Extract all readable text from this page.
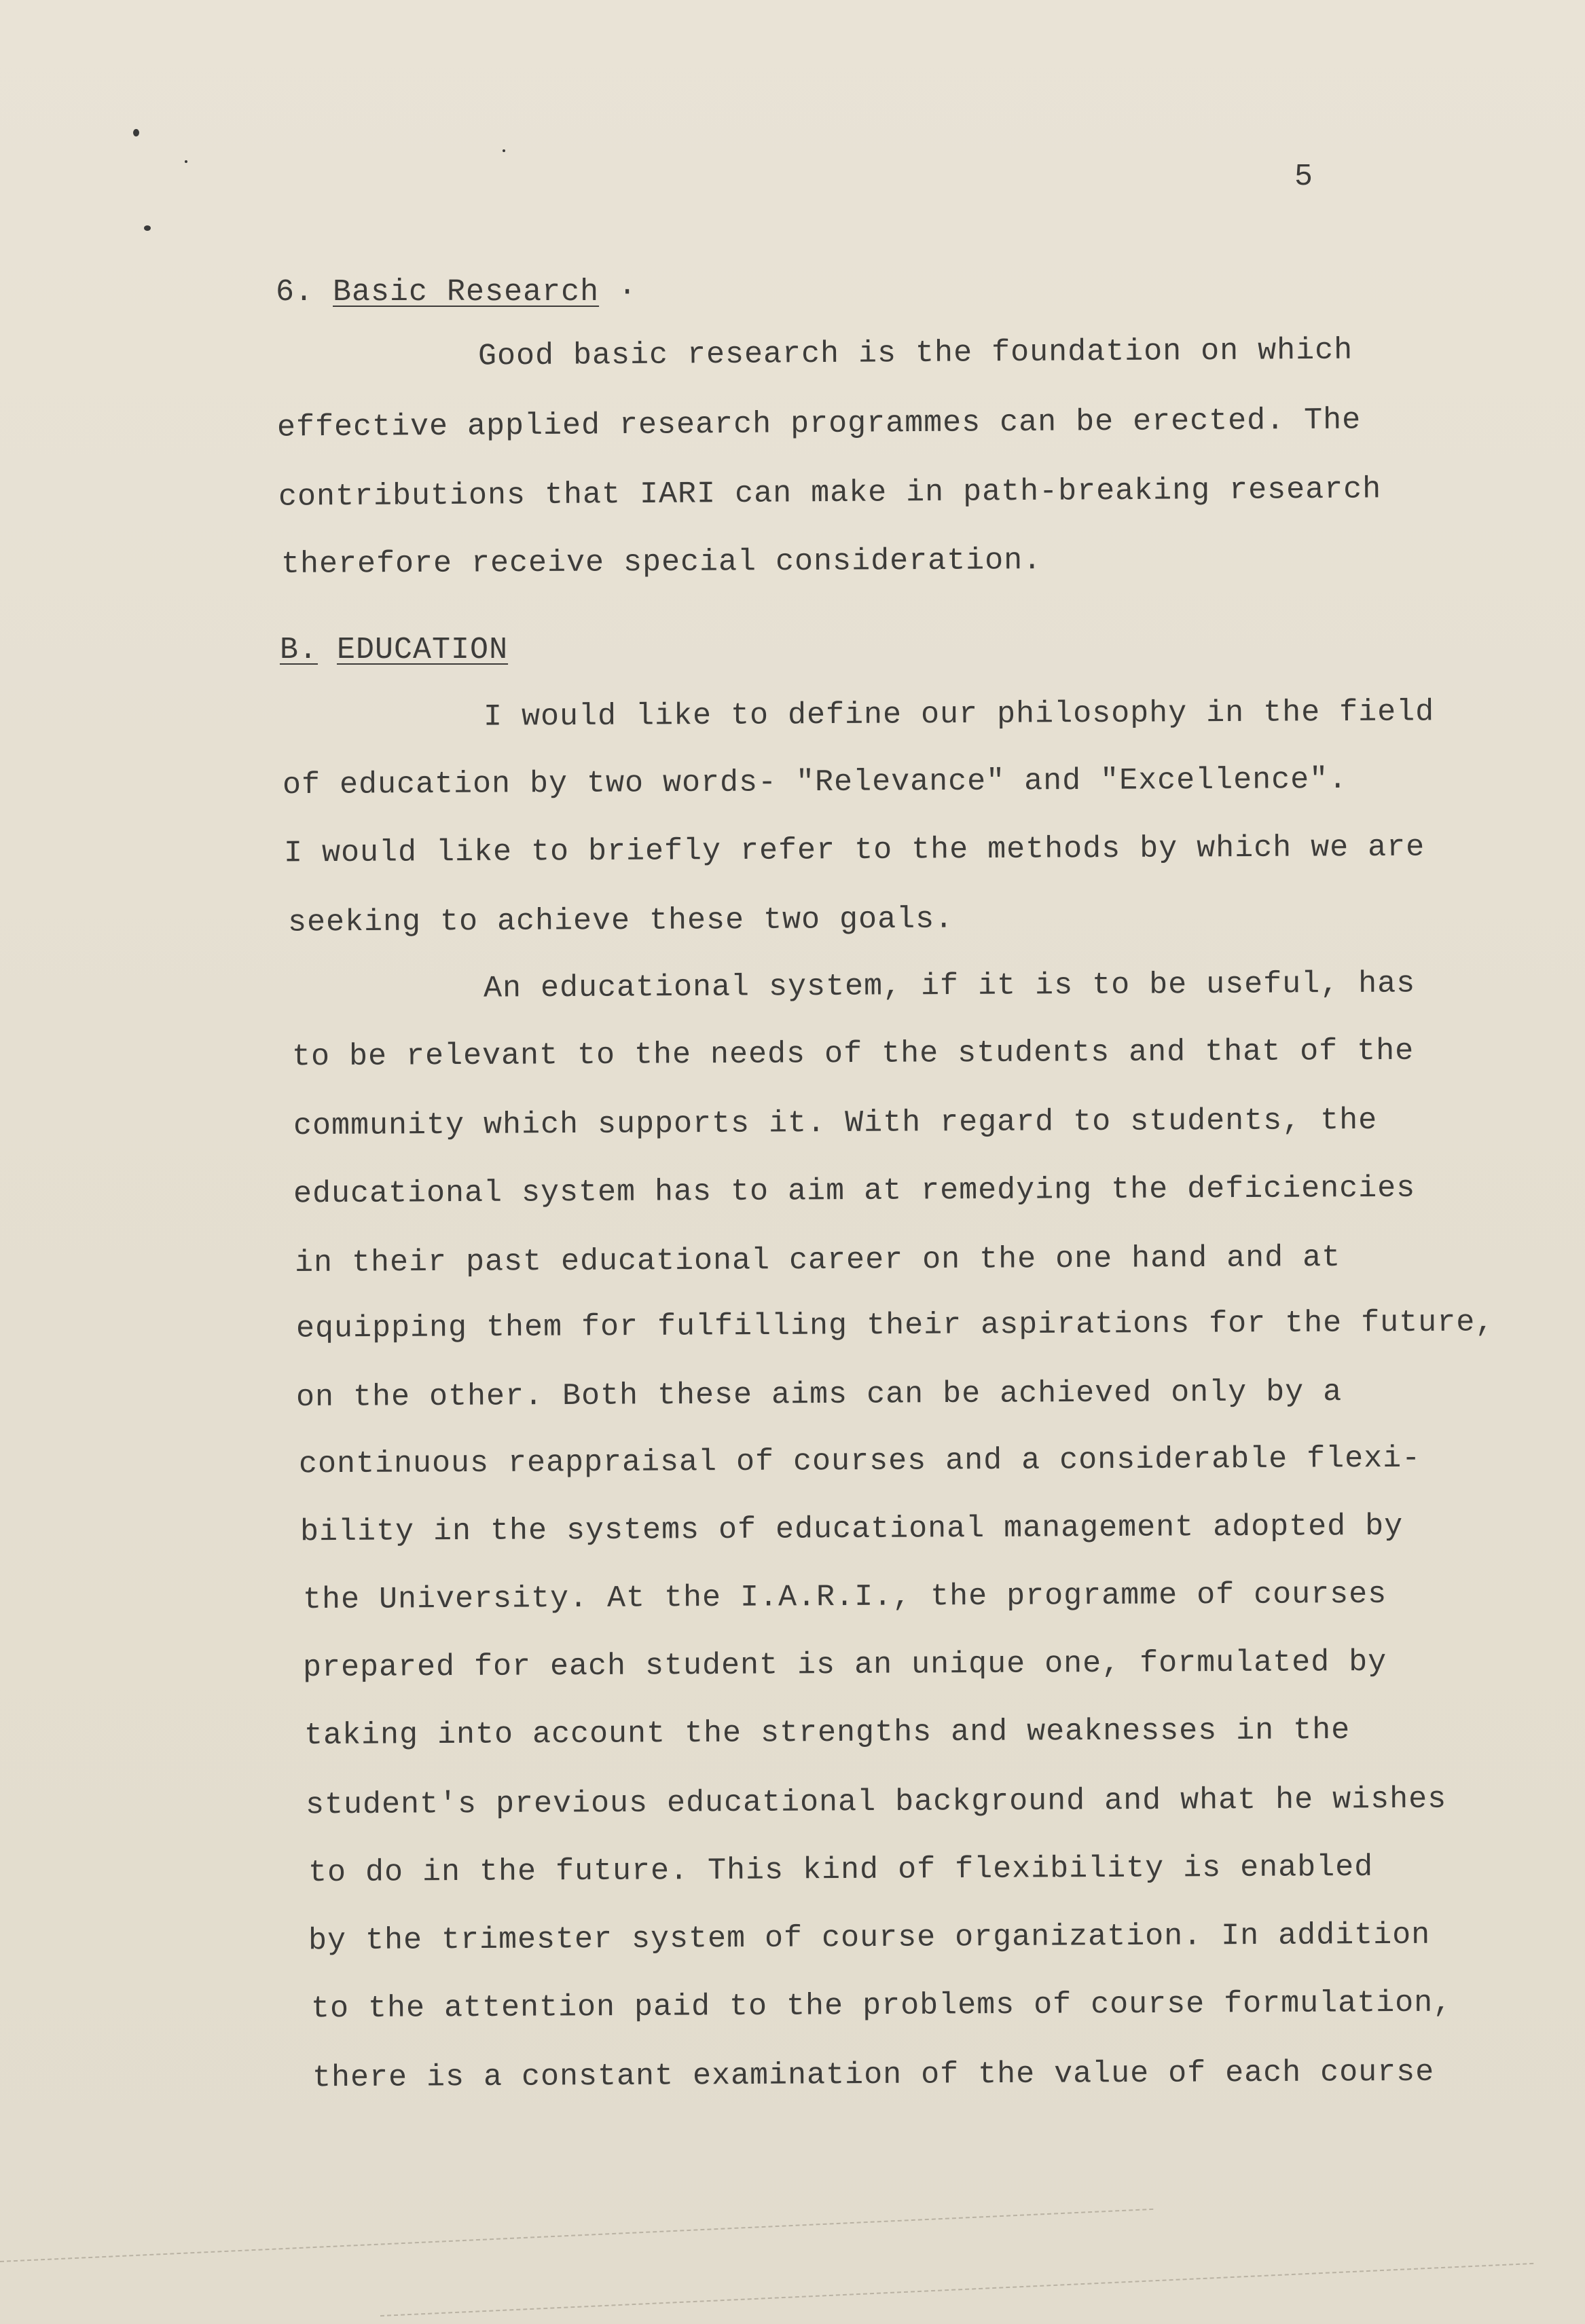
5
6. Basic Research ·
Good basic research is the foundation on which
effective applied research programmes can be erected. The
contributions that IARI can make in path-breaking research
therefore receive special consideration.
B. EDUCATION
I would like to define our philosophy in the field
of education by two words- "Relevance" and "Excellence".
I would like to briefly refer to the methods by which we are
seeking to achieve these two goals.
An educational system, if it is to be useful, has
to be relevant to the needs of the students and that of the
community which supports it. With regard to students, the
educational system has to aim at remedying the deficiencies
in their past educational career on the one hand and at
equipping them for fulfilling their aspirations for the future,
on the other. Both these aims can be achieved only by a
continuous reappraisal of courses and a considerable flexi-
bility in the systems of educational management adopted by
the University. At the I.A.R.I., the programme of courses
prepared for each student is an unique one, formulated by
taking into account the strengths and weaknesses in the
student's previous educational background and what he wishes
to do in the future. This kind of flexibility is enabled
by the trimester system of course organization. In addition
to the attention paid to the problems of course formulation,
there is a constant examination of the value of each course
